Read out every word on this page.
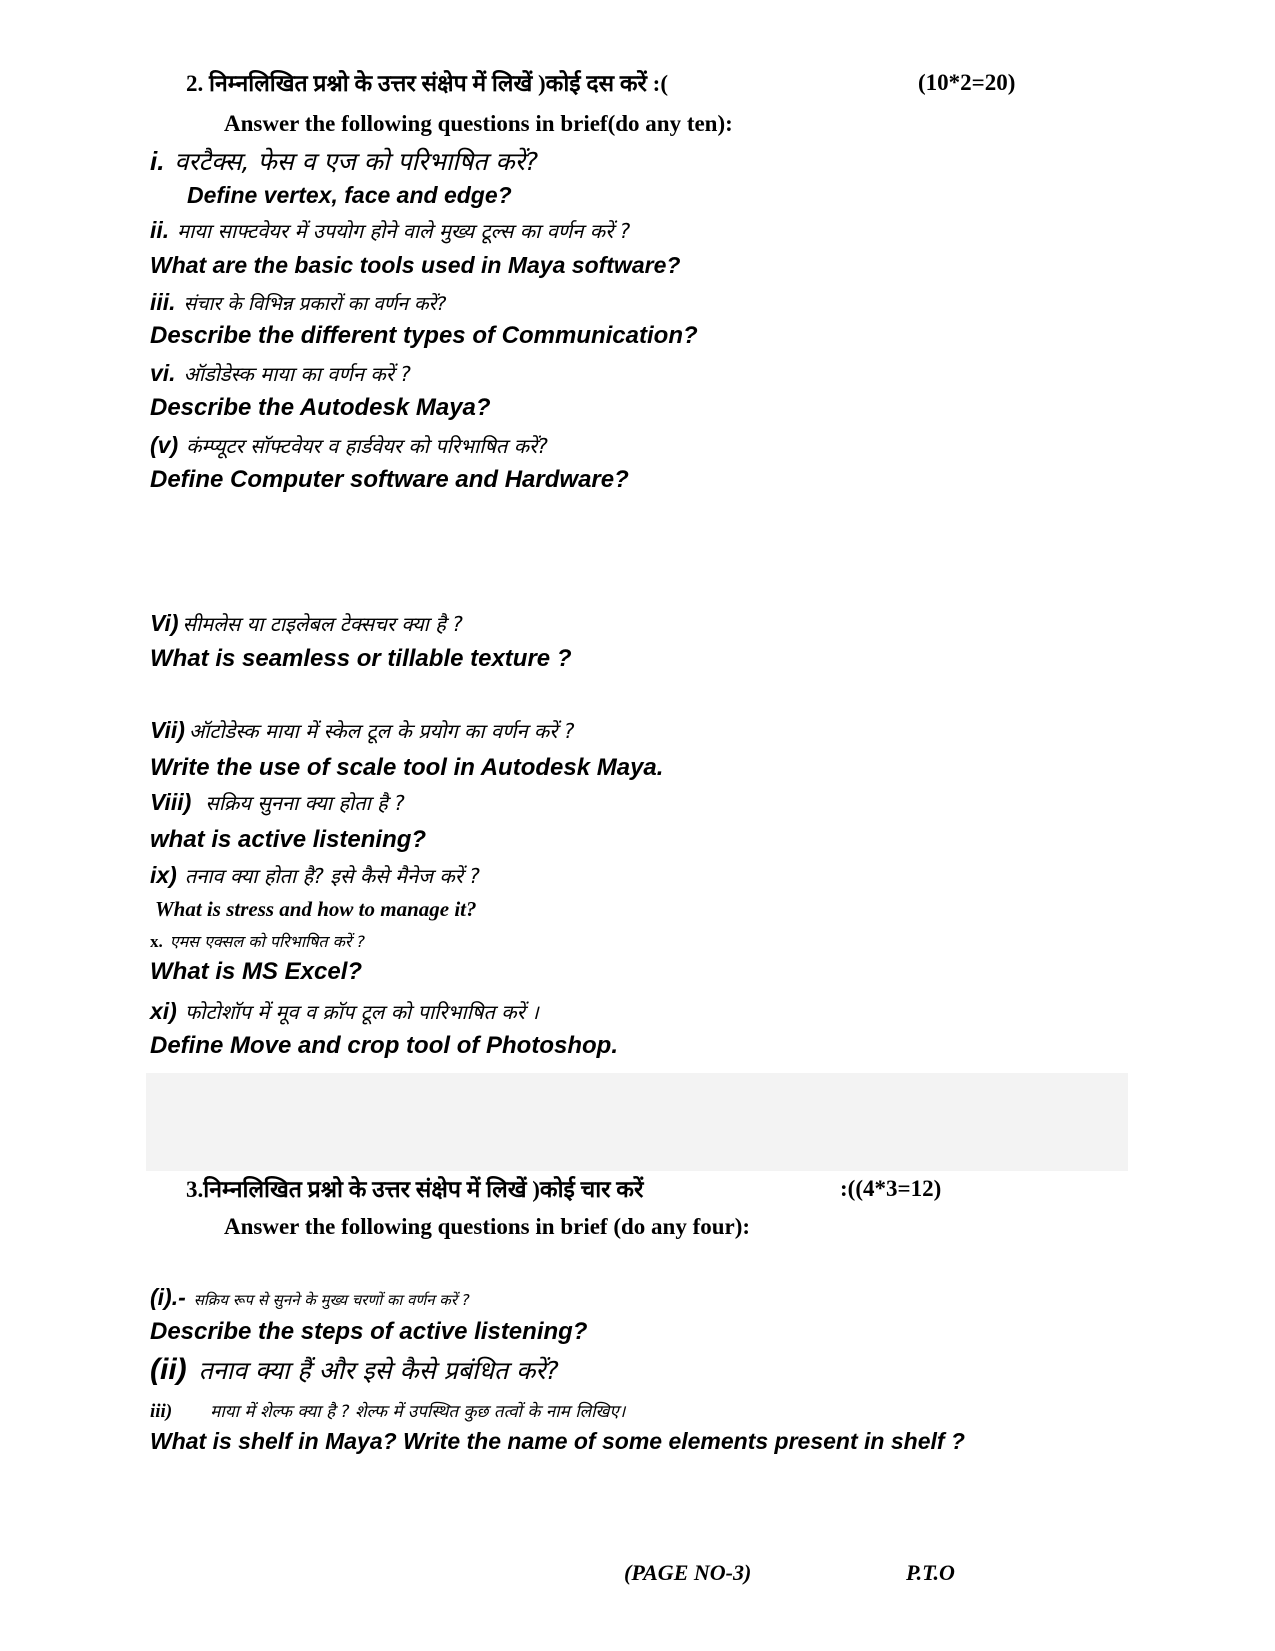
2. निम्नलिखित प्रश्नो के उत्तर संक्षेप में लिखें )कोई दस करें :(	(10*2=20)
Answer the following questions in brief(do any ten):
i. वरटैक्स, फेस व एज को परिभाषित करें?
Define vertex, face and edge?
ii. माया साफ्टवेयर में उपयोग होने वाले मुख्य टूल्स का वर्णन करें ?
What are the basic tools used in Maya software?
iii. संचार के विभिन्न प्रकारों का वर्णन करें?
Describe the different types of Communication?
vi. ऑडोडेस्क माया का वर्णन करें ?
Describe the Autodesk Maya?
(v) कंम्प्यूटर सॉफ्टवेयर व हार्डवेयर को परिभाषित करें?
Define Computer software and Hardware?
Vi) सीमलेस या टाइलेबल टेक्सचर क्या है ?
What is seamless or tillable texture ?
Vii) ऑटोडेस्क माया में स्केल टूल के प्रयोग का वर्णन करें ?
Write the use of scale tool in Autodesk Maya.
Viii) सक्रिय सुनना क्या होता है ?
what is active listening?
ix) तनाव क्या होता है? इसे कैसे मैनेज करें ?
What is stress and how to manage it?
x. एमस एक्सल को परिभाषित करें ?
What is MS Excel?
xi) फोटोशॉप में मूव व क्रॉप टूल को पारिभाषित करें ।
Define Move and crop tool of Photoshop.
3.निम्नलिखित प्रश्नो के उत्तर संक्षेप में लिखें )कोई चार करें	:((4*3=12)
Answer the following questions in brief (do any four):
(i).- सक्रिय रूप से सुनने के मुख्य चरणों का वर्णन करें ?
Describe the steps of active listening?
(ii) तनाव क्या हैं और इसे कैसे प्रबंधित करें?
iii) माया में शेल्फ क्या है ? शेल्फ में उपस्थित कुछ तत्वों के नाम लिखिए।
What is shelf in Maya? Write the name of some elements present in shelf ?
(PAGE NO-3)	P.T.O
